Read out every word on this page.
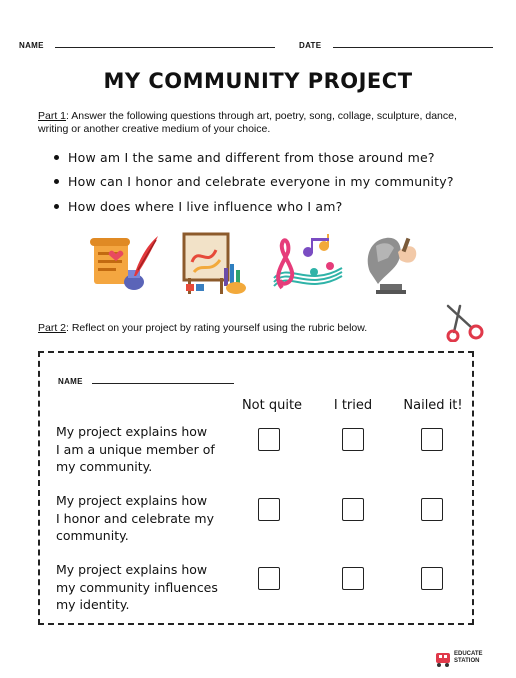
NAME	DATE
MY COMMUNITY PROJECT
Part 1: Answer the following questions through art, poetry, song, collage, sculpture, dance, writing or another creative medium of your choice.
How am I the same and different from those around me?
How can I honor and celebrate everyone in my community?
How does where I live influence who I am?
Part 2: Reflect on your project by rating yourself using the rubric below.
NAME
Not quite	I tried	Nailed it!
My project explains how
I am a unique member of
my community.
My project explains how
I honor and celebrate my
community.
My project explains how
my community influences
my identity.
EDUCATE
STATION
